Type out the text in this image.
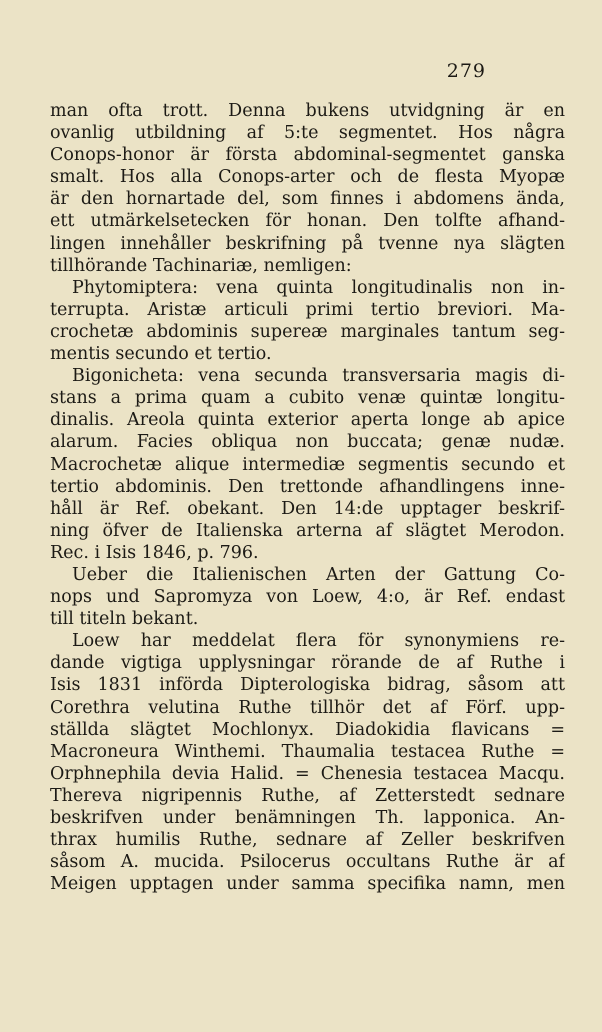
279
man ofta trott. Denna bukens utvidgning är en
ovanlig utbildning af 5:te segmentet. Hos några
Conops-honor är första abdominal-segmentet ganska
smalt. Hos alla Conops-arter och de flesta Myopæ
är den hornartade del, som finnes i abdomens ända,
ett utmärkelsetecken för honan. Den tolfte afhand-
lingen innehåller beskrifning på tvenne nya slägten
tillhörande Tachinariæ, nemligen:
Phytomiptera: vena quinta longitudinalis non in-
terrupta. Aristæ articuli primi tertio breviori. Ma-
crochetæ abdominis supereæ marginales tantum seg-
mentis secundo et tertio.
Bigonicheta: vena secunda transversaria magis di-
stans a prima quam a cubito venæ quintæ longitu-
dinalis. Areola quinta exterior aperta longe ab apice
alarum. Facies obliqua non buccata; genæ nudæ.
Macrochetæ alique intermediæ segmentis secundo et
tertio abdominis. Den trettonde afhandlingens inne-
håll är Ref. obekant. Den 14:de upptager beskrif-
ning öfver de Italienska arterna af slägtet Merodon.
Rec. i Isis 1846, p. 796.
Ueber die Italienischen Arten der Gattung Co-
nops und Sapromyza von Loew, 4:o, är Ref. endast
till titeln bekant.
Loew har meddelat flera för synonymiens re-
dande vigtiga upplysningar rörande de af Ruthe i
Isis 1831 införda Dipterologiska bidrag, såsom att
Corethra velutina Ruthe tillhör det af Förf. upp-
ställda slägtet Mochlonyx. Diadokidia flavicans =
Macroneura Winthemi. Thaumalia testacea Ruthe =
Orphnephila devia Halid. = Chenesia testacea Macqu.
Thereva nigripennis Ruthe, af Zetterstedt sednare
beskrifven under benämningen Th. lapponica. An-
thrax humilis Ruthe, sednare af Zeller beskrifven
såsom A. mucida. Psilocerus occultans Ruthe är af
Meigen upptagen under samma specifika namn, men
